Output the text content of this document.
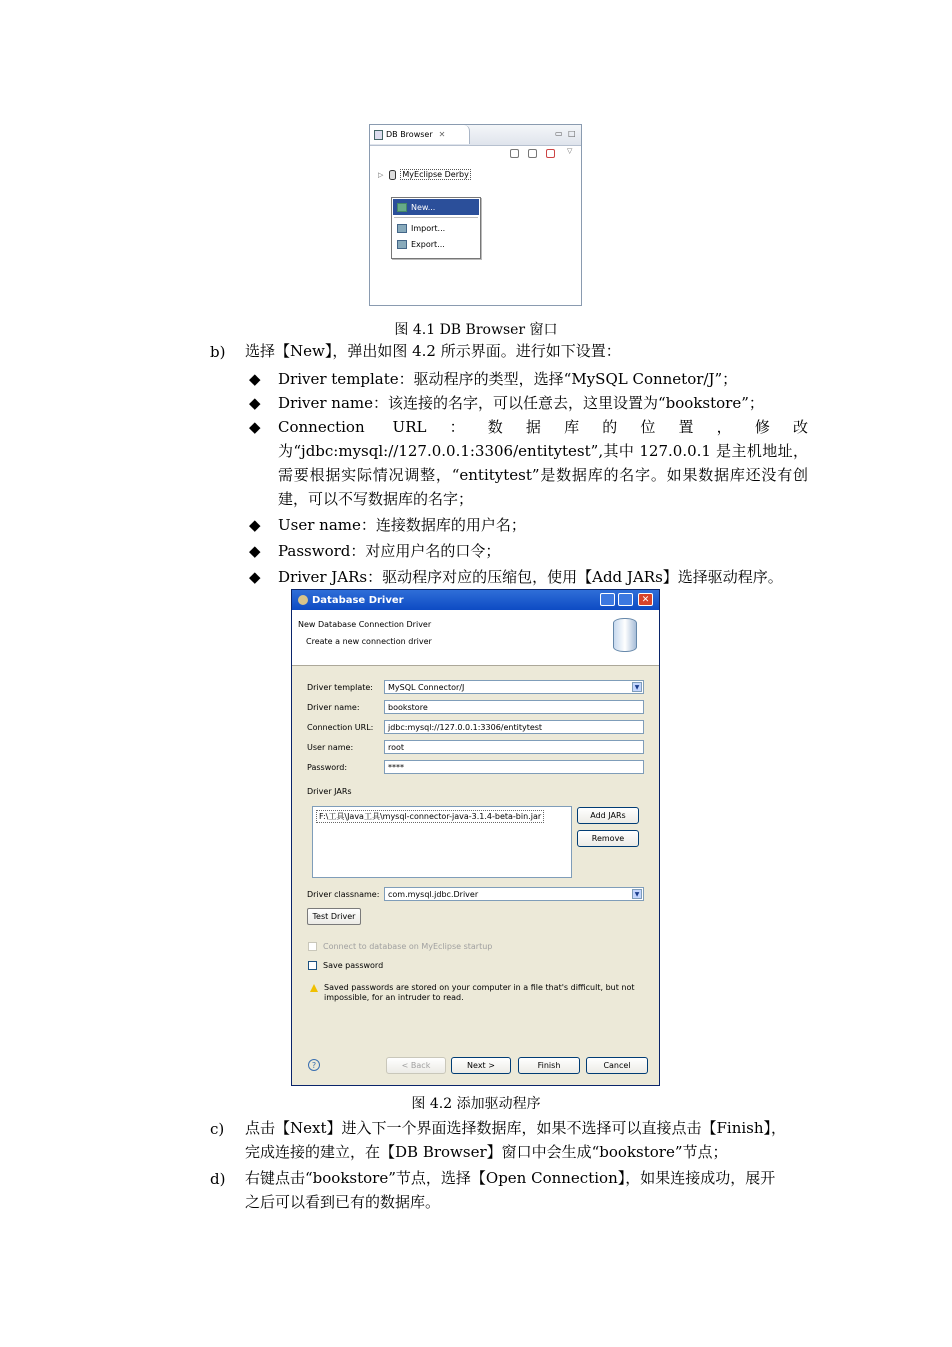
DB Browser ✕	▭ □
▽
▷ MyEclipse Derby
New...
Import...
Export...
图 4.1 DB Browser 窗口
b) 选择【New】，弹出如图 4.2 所示界面。进行如下设置：
◆ Driver template：驱动程序的类型，选择“MySQL Connetor/J”；
◆ Driver name：该连接的名字，可以任意去，这里设置为“bookstore”；
◆ Connection URL：数据库的位置，修改为“jdbc:mysql://127.0.0.1:3306/entitytest”,其中 127.0.0.1 是主机地址，需要根据实际情况调整，“entitytest”是数据库的名字。如果数据库还没有创建，可以不写数据库的名字；
◆ User name：连接数据库的用户名；
◆ Password：对应用户名的口令；
◆ Driver JARs：驱动程序对应的压缩包，使用【Add JARs】选择驱动程序。
Database Driver	✕
New Database Connection Driver
Create a new connection driver
Driver template:	MySQL Connector/J	▼
Driver name:	bookstore
Connection URL:	jdbc:mysql://127.0.0.1:3306/entitytest
User name:	root
Password:	****
Driver JARs
F:\工具\Java工具\mysql-connector-java-3.1.4-beta-bin.jar	Add JARs
Remove
Driver classname:	com.mysql.jdbc.Driver	▼
Test Driver
Connect to database on MyEclipse startup
Save password
Saved passwords are stored on your computer in a file that's difficult, but not impossible, for an intruder to read.
?	< Back	Next >	Finish	Cancel
图 4.2 添加驱动程序
c) 点击【Next】进入下一个界面选择数据库，如果不选择可以直接点击【Finish】，
完成连接的建立，在【DB Browser】窗口中会生成“bookstore”节点；
d) 右键点击“bookstore”节点，选择【Open Connection】，如果连接成功，展开
之后可以看到已有的数据库。
